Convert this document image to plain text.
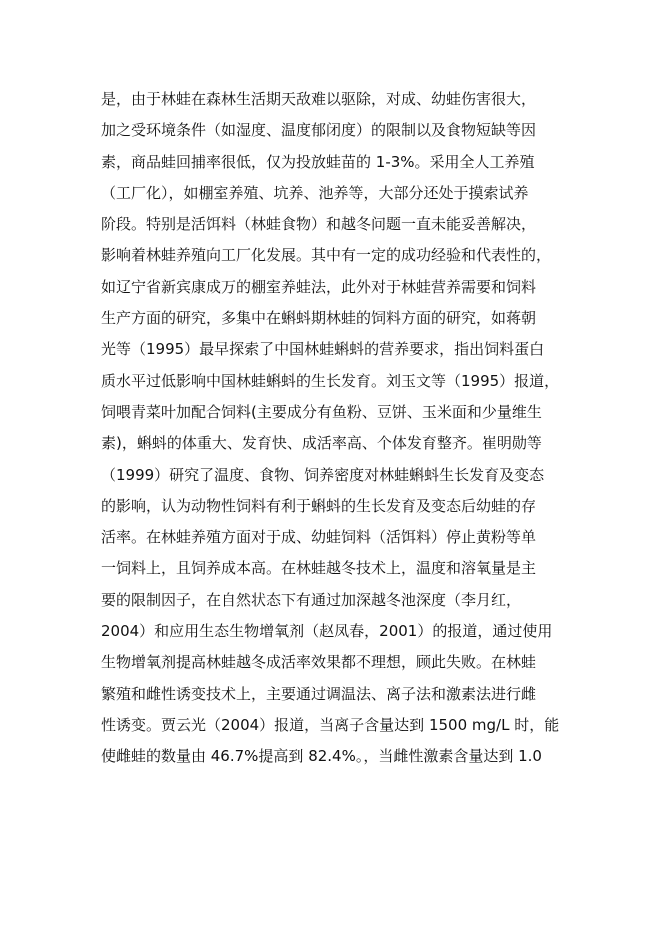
是，由于林蛙在森林生活期天敌难以驱除，对成、幼蛙伤害很大，
加之受环境条件（如湿度、温度郁闭度）的限制以及食物短缺等因
素，商品蛙回捕率很低，仅为投放蛙苗的 1-3%。采用全人工养殖
（工厂化），如棚室养殖、坑养、池养等，大部分还处于摸索试养
阶段。特别是活饵料（林蛙食物）和越冬问题一直未能妥善解决，
影响着林蛙养殖向工厂化发展。其中有一定的成功经验和代表性的，
如辽宁省新宾康成万的棚室养蛙法，此外对于林蛙营养需要和饲料
生产方面的研究，多集中在蝌蚪期林蛙的饲料方面的研究，如蒋朝
光等（1995）最早探索了中国林蛙蝌蚪的营养要求，指出饲料蛋白
质水平过低影响中国林蛙蝌蚪的生长发育。刘玉文等（1995）报道，
饲喂青菜叶加配合饲料(主要成分有鱼粉、豆饼、玉米面和少量维生
素)，蝌蚪的体重大、发育快、成活率高、个体发育整齐。崔明勋等
（1999）研究了温度、食物、饲养密度对林蛙蝌蚪生长发育及变态
的影响，认为动物性饲料有利于蝌蚪的生长发育及变态后幼蛙的存
活率。在林蛙养殖方面对于成、幼蛙饲料（活饵料）停止黄粉等单
一饲料上，且饲养成本高。在林蛙越冬技术上，温度和溶氧量是主
要的限制因子，在自然状态下有通过加深越冬池深度（李月红，
2004）和应用生态生物增氧剂（赵凤春，2001）的报道，通过使用
生物增氧剂提高林蛙越冬成活率效果都不理想，顾此失败。在林蛙
繁殖和雌性诱变技术上，主要通过调温法、离子法和激素法进行雌
性诱变。贾云光（2004）报道，当离子含量达到 1500 mg/L 时，能
使雌蛙的数量由 46.7%提高到 82.4%。，当雌性激素含量达到 1.0
